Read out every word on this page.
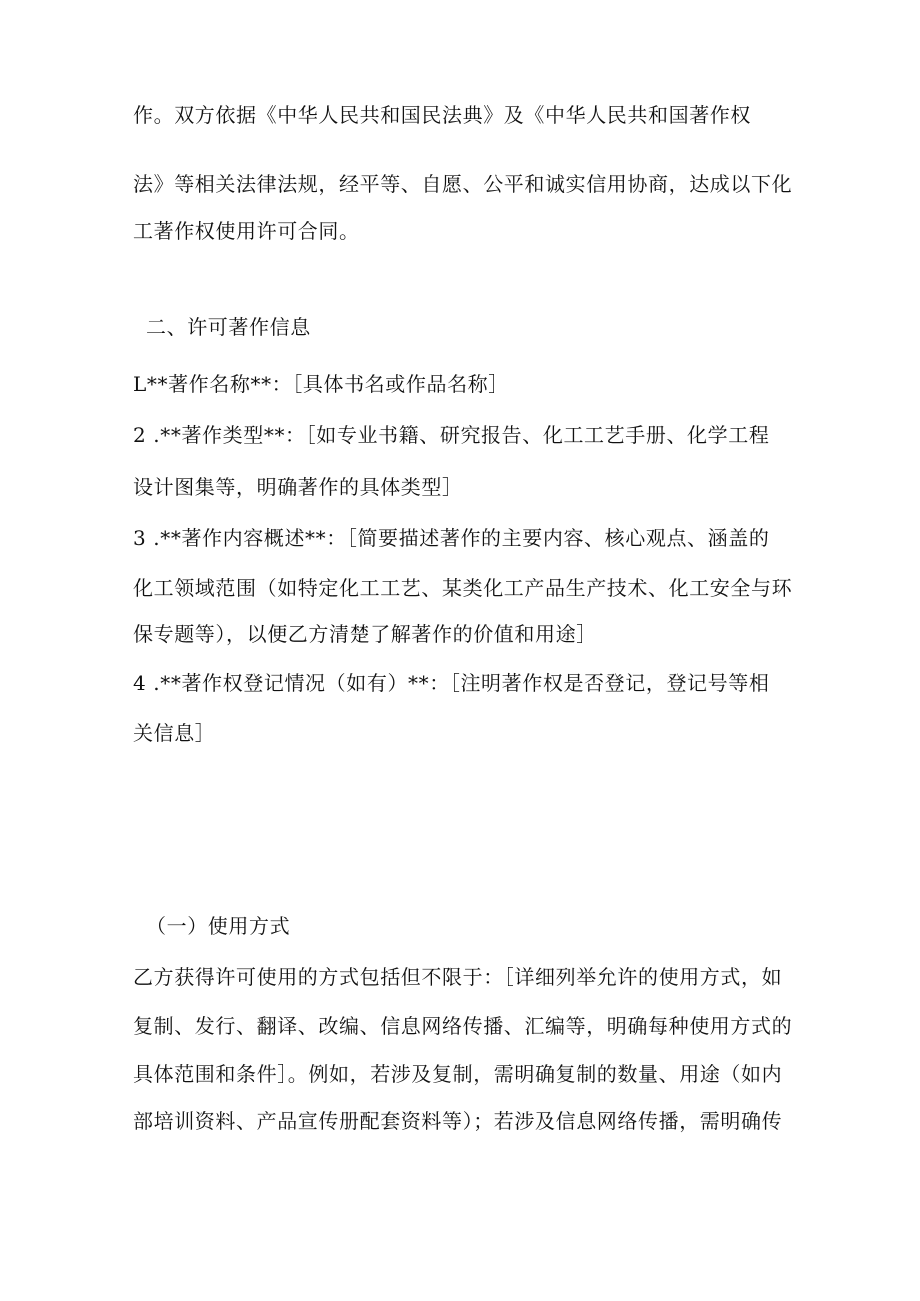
作。双方依据《中华人民共和国民法典》及《中华人民共和国著作权
法》等相关法律法规，经平等、自愿、公平和诚实信用协商，达成以下化
工著作权使用许可合同。
二、许可著作信息
L**著作名称**：［具体书名或作品名称］
2 .**著作类型**：［如专业书籍、研究报告、化工工艺手册、化学工程
设计图集等，明确著作的具体类型］
3 .**著作内容概述**：［简要描述著作的主要内容、核心观点、涵盖的
化工领域范围（如特定化工工艺、某类化工产品生产技术、化工安全与环
保专题等），以便乙方清楚了解著作的价值和用途］
4 .**著作权登记情况（如有）**：［注明著作权是否登记，登记号等相
关信息］
（一）使用方式
乙方获得许可使用的方式包括但不限于：［详细列举允许的使用方式，如
复制、发行、翻译、改编、信息网络传播、汇编等，明确每种使用方式的
具体范围和条件］。例如，若涉及复制，需明确复制的数量、用途（如内
部培训资料、产品宣传册配套资料等）；若涉及信息网络传播，需明确传
